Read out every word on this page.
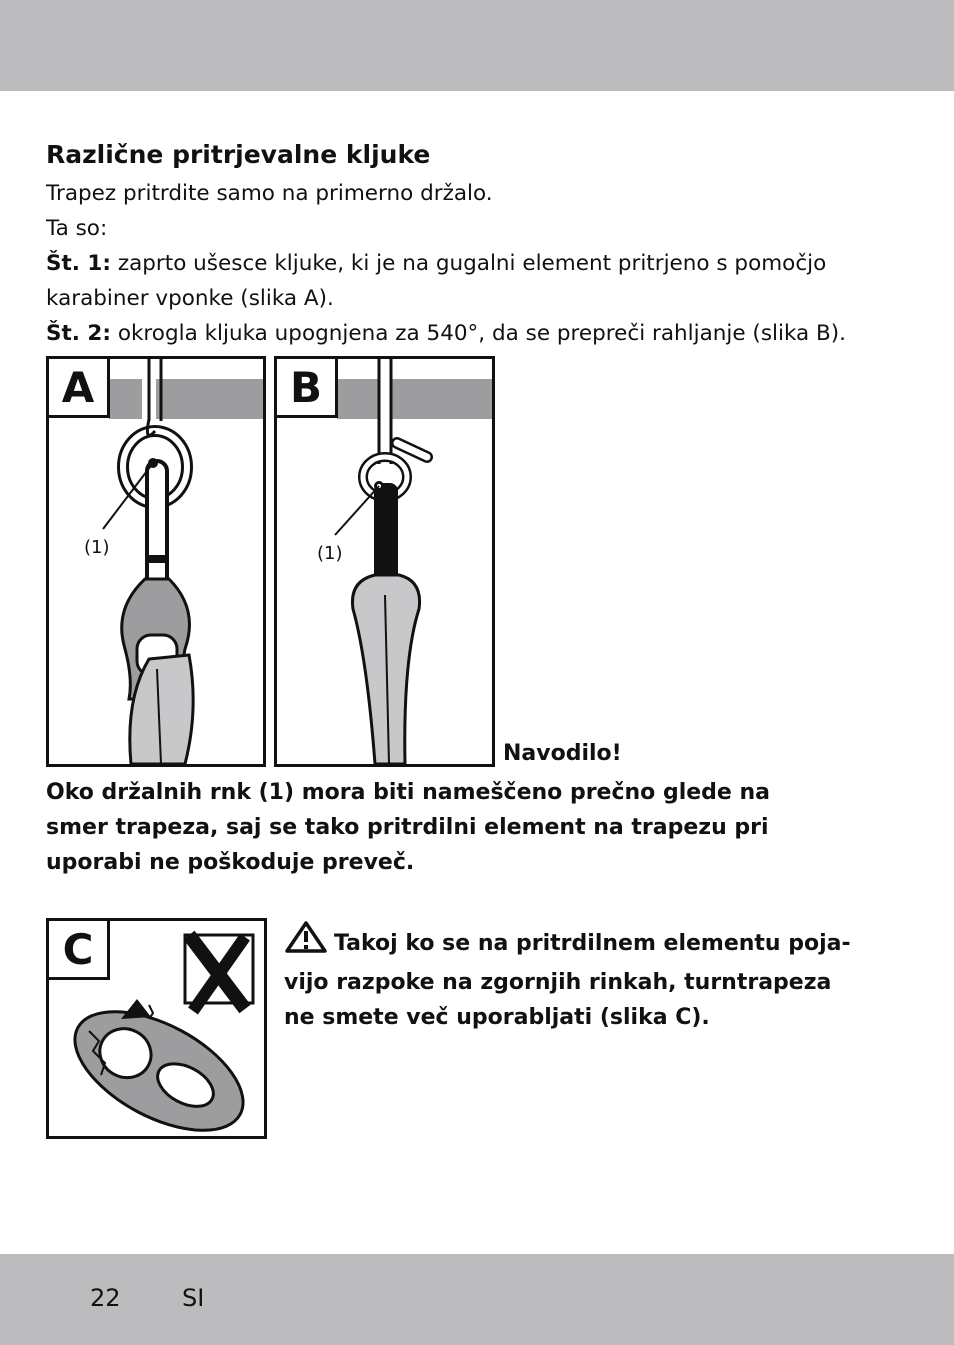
Različne pritrjevalne kljuke

Trapez pritrdite samo na primerno držalo.

Ta so:

Št. 1: zaprto ušesce kljuke, ki je na gugalni element pritrjeno s pomočjo

karabiner vponke (slika A).

Št. 2: okrogla kljuka upognjena za 540°, da se prepreči rahljanje (slika B).

A
(1)
B
(1)
Navodilo!

Oko držalnih rnk (1) mora biti nameščeno prečno glede na

smer trapeza, saj se tako pritrdilni element na trapezu pri

uporabi ne poškoduje preveč.

C	Takoj ko se na pritrdilnem elementu poja-

vijo razpoke na zgornjih rinkah, turntrapeza

ne smete več uporabljati (slika C).

22	SI
